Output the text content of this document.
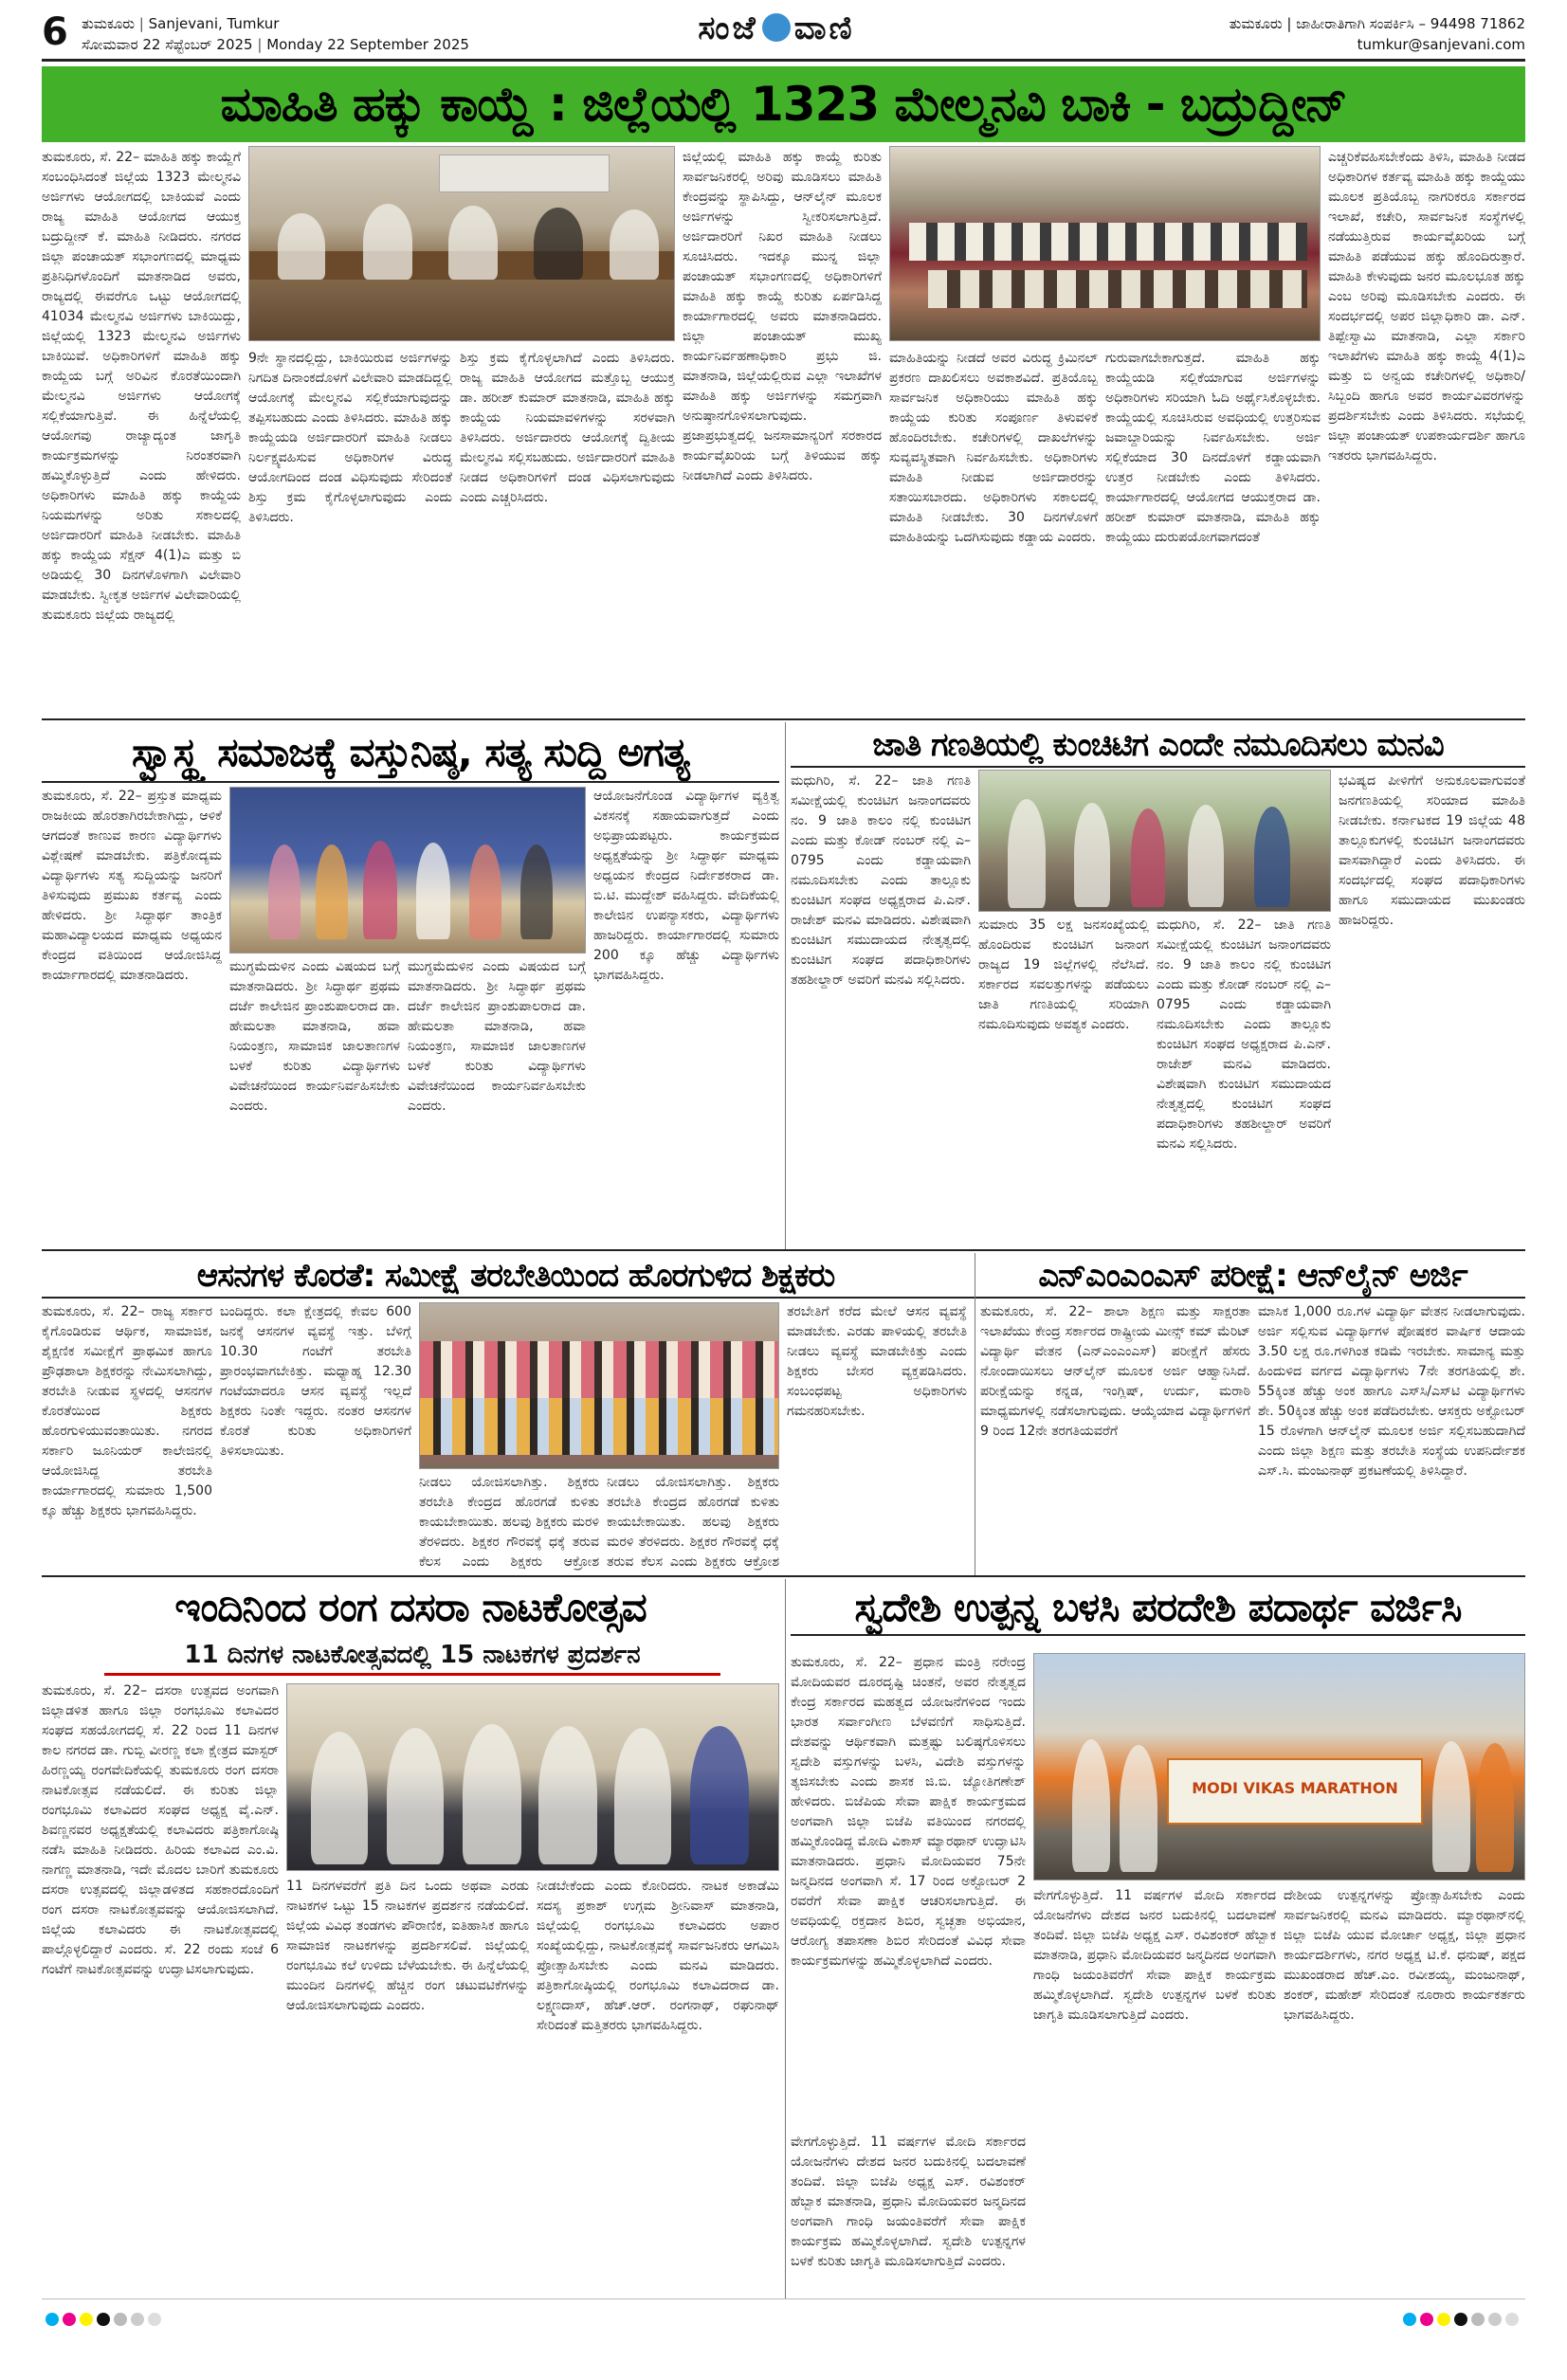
6 ತುಮಕೂರು | Sanjevani, Tumkur
ಸೋಮವಾರ 22 ಸೆಪ್ಟೆಂಬರ್ 2025 | Monday 22 September 2025	ಸಂಜೆ ವಾಣಿ	ತುಮಕೂರು | ಜಾಹೀರಾತಿಗಾಗಿ ಸಂಪರ್ಕಿಸಿ – 94498 71862
tumkur@sanjevani.com
ಮಾಹಿತಿ ಹಕ್ಕು ಕಾಯ್ದೆ : ಜಿಲ್ಲೆಯಲ್ಲಿ 1323 ಮೇಲ್ಮನವಿ ಬಾಕಿ - ಬದ್ರುದ್ದೀನ್
ತುಮಕೂರು, ಸೆ. 22– ಮಾಹಿತಿ ಹಕ್ಕು ಕಾಯ್ದೆಗೆ ಸಂಬಂಧಿಸಿದಂತೆ ಜಿಲ್ಲೆಯ 1323 ಮೇಲ್ಮನವಿ ಅರ್ಜಿಗಳು ಆಯೋಗದಲ್ಲಿ ಬಾಕಿಯವೆ ಎಂದು ರಾಜ್ಯ ಮಾಹಿತಿ ಆಯೋಗದ ಆಯುಕ್ತ ಬದ್ರುದ್ದೀನ್ ಕೆ. ಮಾಹಿತಿ ನೀಡಿದರು. ನಗರದ ಜಿಲ್ಲಾ ಪಂಚಾಯತ್ ಸಭಾಂಗಣದಲ್ಲಿ ಮಾಧ್ಯಮ ಪ್ರತಿನಿಧಿಗಳೊಂದಿಗೆ ಮಾತನಾಡಿದ ಅವರು, ರಾಜ್ಯದಲ್ಲಿ ಈವರೆಗೂ ಒಟ್ಟು ಆಯೋಗದಲ್ಲಿ 41034 ಮೇಲ್ಮನವಿ ಅರ್ಜಿಗಳು ಬಾಕಿಯಿದ್ದು, ಜಿಲ್ಲೆಯಲ್ಲಿ 1323 ಮೇಲ್ಮನವಿ ಅರ್ಜಿಗಳು ಬಾಕಿಯಿವೆ. ಅಧಿಕಾರಿಗಳಿಗೆ ಮಾಹಿತಿ ಹಕ್ಕು ಕಾಯ್ದೆಯ ಬಗ್ಗೆ ಅರಿವಿನ ಕೊರತೆಯಿಂದಾಗಿ ಮೇಲ್ಮನವಿ ಅರ್ಜಿಗಳು ಆಯೋಗಕ್ಕೆ ಸಲ್ಲಿಕೆಯಾಗುತ್ತಿವೆ. ಈ ಹಿನ್ನೆಲೆಯಲ್ಲಿ ಆಯೋಗವು ರಾಜ್ಯಾದ್ಯಂತ ಜಾಗೃತಿ ಕಾರ್ಯಕ್ರಮಗಳನ್ನು ನಿರಂತರವಾಗಿ ಹಮ್ಮಿಕೊಳ್ಳುತ್ತಿದೆ ಎಂದು ಹೇಳಿದರು. ಅಧಿಕಾರಿಗಳು ಮಾಹಿತಿ ಹಕ್ಕು ಕಾಯ್ದೆಯ ನಿಯಮಗಳನ್ನು ಅರಿತು ಸಕಾಲದಲ್ಲಿ ಅರ್ಜಿದಾರರಿಗೆ ಮಾಹಿತಿ ನೀಡಬೇಕು. ಮಾಹಿತಿ ಹಕ್ಕು ಕಾಯ್ದೆಯ ಸೆಕ್ಷನ್ 4(1)ಎ ಮತ್ತು ಬಿ ಅಡಿಯಲ್ಲಿ 30 ದಿನಗಳೊಳಗಾಗಿ ವಿಲೇವಾರಿ ಮಾಡಬೇಕು. ಸ್ವೀಕೃತ ಅರ್ಜಿಗಳ ವಿಲೇವಾರಿಯಲ್ಲಿ ತುಮಕೂರು ಜಿಲ್ಲೆಯ ರಾಜ್ಯದಲ್ಲಿ
9ನೇ ಸ್ಥಾನದಲ್ಲಿದ್ದು, ಬಾಕಿಯಿರುವ ಅರ್ಜಿಗಳನ್ನು ನಿಗದಿತ ದಿನಾಂಕದೊಳಗೆ ವಿಲೇವಾರಿ ಮಾಡದಿದ್ದಲ್ಲಿ ಆಯೋಗಕ್ಕೆ ಮೇಲ್ಮನವಿ ಸಲ್ಲಿಕೆಯಾಗುವುದನ್ನು ತಪ್ಪಿಸಬಹುದು ಎಂದು ತಿಳಿಸಿದರು. ಮಾಹಿತಿ ಹಕ್ಕು ಕಾಯ್ದೆಯಡಿ ಅರ್ಜಿದಾರರಿಗೆ ಮಾಹಿತಿ ನೀಡಲು ನಿರ್ಲಕ್ಷ್ಯವಹಿಸುವ ಅಧಿಕಾರಿಗಳ ವಿರುದ್ಧ ಆಯೋಗದಿಂದ ದಂಡ ವಿಧಿಸುವುದು ಸೇರಿದಂತೆ ಶಿಸ್ತು ಕ್ರಮ ಕೈಗೊಳ್ಳಲಾಗುವುದು ಎಂದು ತಿಳಿಸಿದರು.
ಶಿಸ್ತು ಕ್ರಮ ಕೈಗೊಳ್ಳಲಾಗಿದೆ ಎಂದು ತಿಳಿಸಿದರು. ರಾಜ್ಯ ಮಾಹಿತಿ ಆಯೋಗದ ಮತ್ತೊಬ್ಬ ಆಯುಕ್ತ ಡಾ. ಹರೀಶ್ ಕುಮಾರ್ ಮಾತನಾಡಿ, ಮಾಹಿತಿ ಹಕ್ಕು ಕಾಯ್ದೆಯ ನಿಯಮಾವಳಿಗಳನ್ನು ಸರಳವಾಗಿ ತಿಳಿಸಿದರು. ಅರ್ಜಿದಾರರು ಆಯೋಗಕ್ಕೆ ದ್ವಿತೀಯ ಮೇಲ್ಮನವಿ ಸಲ್ಲಿಸಬಹುದು. ಅರ್ಜಿದಾರರಿಗೆ ಮಾಹಿತಿ ನೀಡದ ಅಧಿಕಾರಿಗಳಿಗೆ ದಂಡ ವಿಧಿಸಲಾಗುವುದು ಎಂದು ಎಚ್ಚರಿಸಿದರು.
ಜಿಲ್ಲೆಯಲ್ಲಿ ಮಾಹಿತಿ ಹಕ್ಕು ಕಾಯ್ದೆ ಕುರಿತು ಸಾರ್ವಜನಿಕರಲ್ಲಿ ಅರಿವು ಮೂಡಿಸಲು ಮಾಹಿತಿ ಕೇಂದ್ರವನ್ನು ಸ್ಥಾಪಿಸಿದ್ದು, ಆನ್‌ಲೈನ್ ಮೂಲಕ ಅರ್ಜಿಗಳನ್ನು ಸ್ವೀಕರಿಸಲಾಗುತ್ತಿದೆ. ಅರ್ಜಿದಾರರಿಗೆ ನಿಖರ ಮಾಹಿತಿ ನೀಡಲು ಸೂಚಿಸಿದರು. ಇದಕ್ಕೂ ಮುನ್ನ ಜಿಲ್ಲಾ ಪಂಚಾಯತ್ ಸಭಾಂಗಣದಲ್ಲಿ ಅಧಿಕಾರಿಗಳಿಗೆ ಮಾಹಿತಿ ಹಕ್ಕು ಕಾಯ್ದೆ ಕುರಿತು ಏರ್ಪಡಿಸಿದ್ದ ಕಾರ್ಯಾಗಾರದಲ್ಲಿ ಅವರು ಮಾತನಾಡಿದರು. ಜಿಲ್ಲಾ ಪಂಚಾಯತ್ ಮುಖ್ಯ ಕಾರ್ಯನಿರ್ವಹಣಾಧಿಕಾರಿ ಪ್ರಭು ಜಿ. ಮಾತನಾಡಿ, ಜಿಲ್ಲೆಯಲ್ಲಿರುವ ಎಲ್ಲಾ ಇಲಾಖೆಗಳ ಮಾಹಿತಿ ಹಕ್ಕು ಅರ್ಜಿಗಳನ್ನು ಸಮಗ್ರವಾಗಿ ಅನುಷ್ಠಾನಗೊಳಿಸಲಾಗುವುದು. ಪ್ರಜಾಪ್ರಭುತ್ವದಲ್ಲಿ ಜನಸಾಮಾನ್ಯರಿಗೆ ಸರಕಾರದ ಕಾರ್ಯವೈಖರಿಯ ಬಗ್ಗೆ ತಿಳಿಯುವ ಹಕ್ಕು ನೀಡಲಾಗಿದೆ ಎಂದು ತಿಳಿಸಿದರು.
ಮಾಹಿತಿಯನ್ನು ನೀಡದೆ ಅವರ ವಿರುದ್ಧ ಕ್ರಿಮಿನಲ್ ಪ್ರಕರಣ ದಾಖಲಿಸಲು ಅವಕಾಶವಿದೆ. ಪ್ರತಿಯೊಬ್ಬ ಸಾರ್ವಜನಿಕ ಅಧಿಕಾರಿಯು ಮಾಹಿತಿ ಹಕ್ಕು ಕಾಯ್ದೆಯ ಕುರಿತು ಸಂಪೂರ್ಣ ತಿಳುವಳಿಕೆ ಹೊಂದಿರಬೇಕು. ಕಚೇರಿಗಳಲ್ಲಿ ದಾಖಲೆಗಳನ್ನು ಸುವ್ಯವಸ್ಥಿತವಾಗಿ ನಿರ್ವಹಿಸಬೇಕು. ಅಧಿಕಾರಿಗಳು ಮಾಹಿತಿ ನೀಡುವ ಅರ್ಜಿದಾರರನ್ನು ಸತಾಯಿಸಬಾರದು. ಅಧಿಕಾರಿಗಳು ಸಕಾಲದಲ್ಲಿ ಮಾಹಿತಿ ನೀಡಬೇಕು. 30 ದಿನಗಳೊಳಗೆ ಮಾಹಿತಿಯನ್ನು ಒದಗಿಸುವುದು ಕಡ್ಡಾಯ ಎಂದರು.
ಗುರುವಾಗಬೇಕಾಗುತ್ತದೆ. ಮಾಹಿತಿ ಹಕ್ಕು ಕಾಯ್ದೆಯಡಿ ಸಲ್ಲಿಕೆಯಾಗುವ ಅರ್ಜಿಗಳನ್ನು ಅಧಿಕಾರಿಗಳು ಸರಿಯಾಗಿ ಓದಿ ಅರ್ಥೈಸಿಕೊಳ್ಳಬೇಕು. ಕಾಯ್ದೆಯಲ್ಲಿ ಸೂಚಿಸಿರುವ ಅವಧಿಯಲ್ಲಿ ಉತ್ತರಿಸುವ ಜವಾಬ್ದಾರಿಯನ್ನು ನಿರ್ವಹಿಸಬೇಕು. ಅರ್ಜಿ ಸಲ್ಲಿಕೆಯಾದ 30 ದಿನದೊಳಗೆ ಕಡ್ಡಾಯವಾಗಿ ಉತ್ತರ ನೀಡಬೇಕು ಎಂದು ತಿಳಿಸಿದರು. ಕಾರ್ಯಾಗಾರದಲ್ಲಿ ಆಯೋಗದ ಆಯುಕ್ತರಾದ ಡಾ. ಹರೀಶ್ ಕುಮಾರ್ ಮಾತನಾಡಿ, ಮಾಹಿತಿ ಹಕ್ಕು ಕಾಯ್ದೆಯು ದುರುಪಯೋಗವಾಗದಂತೆ
ಎಚ್ಚರಿಕೆವಹಿಸಬೇಕೆಂದು ತಿಳಿಸಿ, ಮಾಹಿತಿ ನೀಡದ ಅಧಿಕಾರಿಗಳ ಕರ್ತವ್ಯ ಮಾಹಿತಿ ಹಕ್ಕು ಕಾಯ್ದೆಯು ಮೂಲಕ ಪ್ರತಿಯೊಬ್ಬ ನಾಗರಿಕರೂ ಸರ್ಕಾರದ ಇಲಾಖೆ, ಕಚೇರಿ, ಸಾರ್ವಜನಿಕ ಸಂಸ್ಥೆಗಳಲ್ಲಿ ನಡೆಯುತ್ತಿರುವ ಕಾರ್ಯವೈಖರಿಯ ಬಗ್ಗೆ ಮಾಹಿತಿ ಪಡೆಯುವ ಹಕ್ಕು ಹೊಂದಿರುತ್ತಾರೆ. ಮಾಹಿತಿ ಕೇಳುವುದು ಜನರ ಮೂಲಭೂತ ಹಕ್ಕು ಎಂಬ ಅರಿವು ಮೂಡಿಸಬೇಕು ಎಂದರು. ಈ ಸಂದರ್ಭದಲ್ಲಿ ಅಪರ ಜಿಲ್ಲಾಧಿಕಾರಿ ಡಾ. ಎನ್. ತಿಪ್ಪೇಸ್ವಾಮಿ ಮಾತನಾಡಿ, ಎಲ್ಲಾ ಸರ್ಕಾರಿ ಇಲಾಖೆಗಳು ಮಾಹಿತಿ ಹಕ್ಕು ಕಾಯ್ದೆ 4(1)ಎ ಮತ್ತು ಬಿ ಅನ್ವಯ ಕಚೇರಿಗಳಲ್ಲಿ ಅಧಿಕಾರಿ/ಸಿಬ್ಬಂದಿ ಹಾಗೂ ಅವರ ಕಾರ್ಯವಿವರಗಳನ್ನು ಪ್ರದರ್ಶಿಸಬೇಕು ಎಂದು ತಿಳಿಸಿದರು. ಸಭೆಯಲ್ಲಿ ಜಿಲ್ಲಾ ಪಂಚಾಯತ್ ಉಪಕಾರ್ಯದರ್ಶಿ ಹಾಗೂ ಇತರರು ಭಾಗವಹಿಸಿದ್ದರು.
ಸ್ವಾಸ್ಥ್ಯ ಸಮಾಜಕ್ಕೆ ವಸ್ತುನಿಷ್ಠ, ಸತ್ಯ ಸುದ್ದಿ ಅಗತ್ಯ
ತುಮಕೂರು, ಸೆ. 22– ಪ್ರಸ್ತುತ ಮಾಧ್ಯಮ ರಾಜಕೀಯ ಹೊರತಾಗಿರಬೇಕಾಗಿದ್ದು, ಆಳಿಕೆ ಆಗದಂತೆ ಕಾಣುವ ಕಾರಣ ವಿದ್ಯಾರ್ಥಿಗಳು ವಿಶ್ಲೇಷಣೆ ಮಾಡಬೇಕು. ಪತ್ರಿಕೋದ್ಯಮ ವಿದ್ಯಾರ್ಥಿಗಳು ಸತ್ಯ ಸುದ್ದಿಯನ್ನು ಜನರಿಗೆ ತಿಳಿಸುವುದು ಪ್ರಮುಖ ಕರ್ತವ್ಯ ಎಂದು ಹೇಳಿದರು. ಶ್ರೀ ಸಿದ್ಧಾರ್ಥ ತಾಂತ್ರಿಕ ಮಹಾವಿದ್ಯಾಲಯದ ಮಾಧ್ಯಮ ಅಧ್ಯಯನ ಕೇಂದ್ರದ ವತಿಯಿಂದ ಆಯೋಜಿಸಿದ್ದ ಕಾರ್ಯಾಗಾರದಲ್ಲಿ ಮಾತನಾಡಿದರು.
ಮುಗ್ಧಮೆದುಳಿನ ಎಂದು ವಿಷಯದ ಬಗ್ಗೆ ಮಾತನಾಡಿದರು. ಶ್ರೀ ಸಿದ್ಧಾರ್ಥ ಪ್ರಥಮ ದರ್ಜೆ ಕಾಲೇಜಿನ ಪ್ರಾಂಶುಪಾಲರಾದ ಡಾ. ಹೇಮಲತಾ ಮಾತನಾಡಿ, ಹವಾ ನಿಯಂತ್ರಣ, ಸಾಮಾಜಿಕ ಜಾಲತಾಣಗಳ ಬಳಕೆ ಕುರಿತು ವಿದ್ಯಾರ್ಥಿಗಳು ವಿವೇಚನೆಯಿಂದ ಕಾರ್ಯನಿರ್ವಹಿಸಬೇಕು ಎಂದರು.
ಮುಗ್ಧಮೆದುಳಿನ ಎಂದು ವಿಷಯದ ಬಗ್ಗೆ ಮಾತನಾಡಿದರು. ಶ್ರೀ ಸಿದ್ಧಾರ್ಥ ಪ್ರಥಮ ದರ್ಜೆ ಕಾಲೇಜಿನ ಪ್ರಾಂಶುಪಾಲರಾದ ಡಾ. ಹೇಮಲತಾ ಮಾತನಾಡಿ, ಹವಾ ನಿಯಂತ್ರಣ, ಸಾಮಾಜಿಕ ಜಾಲತಾಣಗಳ ಬಳಕೆ ಕುರಿತು ವಿದ್ಯಾರ್ಥಿಗಳು ವಿವೇಚನೆಯಿಂದ ಕಾರ್ಯನಿರ್ವಹಿಸಬೇಕು ಎಂದರು.
ಆಯೋಜನೆಗೊಂಡ ವಿದ್ಯಾರ್ಥಿಗಳ ವ್ಯಕ್ತಿತ್ವ ವಿಕಸನಕ್ಕೆ ಸಹಾಯವಾಗುತ್ತದೆ ಎಂದು ಅಭಿಪ್ರಾಯಪಟ್ಟರು. ಕಾರ್ಯಕ್ರಮದ ಅಧ್ಯಕ್ಷತೆಯನ್ನು ಶ್ರೀ ಸಿದ್ಧಾರ್ಥ ಮಾಧ್ಯಮ ಅಧ್ಯಯನ ಕೇಂದ್ರದ ನಿರ್ದೇಶಕರಾದ ಡಾ. ಬಿ.ಟಿ. ಮುದ್ದೇಶ್ ವಹಿಸಿದ್ದರು. ವೇದಿಕೆಯಲ್ಲಿ ಕಾಲೇಜಿನ ಉಪನ್ಯಾಸಕರು, ವಿದ್ಯಾರ್ಥಿಗಳು ಹಾಜರಿದ್ದರು. ಕಾರ್ಯಾಗಾರದಲ್ಲಿ ಸುಮಾರು 200 ಕ್ಕೂ ಹೆಚ್ಚು ವಿದ್ಯಾರ್ಥಿಗಳು ಭಾಗವಹಿಸಿದ್ದರು.
ಜಾತಿ ಗಣತಿಯಲ್ಲಿ ಕುಂಚಿಟಿಗ ಎಂದೇ ನಮೂದಿಸಲು ಮನವಿ
ಮಧುಗಿರಿ, ಸೆ. 22– ಜಾತಿ ಗಣತಿ ಸಮೀಕ್ಷೆಯಲ್ಲಿ ಕುಂಚಿಟಿಗ ಜನಾಂಗದವರು ನಂ. 9 ಜಾತಿ ಕಾಲಂ ನಲ್ಲಿ ಕುಂಚಿಟಿಗ ಎಂದು ಮತ್ತು ಕೋಡ್ ನಂಬರ್ ನಲ್ಲಿ ಎ–0795 ಎಂದು ಕಡ್ಡಾಯವಾಗಿ ನಮೂದಿಸಬೇಕು ಎಂದು ತಾಲ್ಲೂಕು ಕುಂಚಿಟಿಗ ಸಂಘದ ಅಧ್ಯಕ್ಷರಾದ ಪಿ.ಎನ್. ರಾಜೇಶ್ ಮನವಿ ಮಾಡಿದರು. ವಿಶೇಷವಾಗಿ ಕುಂಚಿಟಿಗ ಸಮುದಾಯದ ನೇತೃತ್ವದಲ್ಲಿ ಕುಂಚಿಟಿಗ ಸಂಘದ ಪದಾಧಿಕಾರಿಗಳು ತಹಶೀಲ್ದಾರ್ ಅವರಿಗೆ ಮನವಿ ಸಲ್ಲಿಸಿದರು.
ಸುಮಾರು 35 ಲಕ್ಷ ಜನಸಂಖ್ಯೆಯಲ್ಲಿ ಹೊಂದಿರುವ ಕುಂಚಿಟಿಗ ಜನಾಂಗ ರಾಜ್ಯದ 19 ಜಿಲ್ಲೆಗಳಲ್ಲಿ ನೆಲೆಸಿದೆ. ಸರ್ಕಾರದ ಸವಲತ್ತುಗಳನ್ನು ಪಡೆಯಲು ಜಾತಿ ಗಣತಿಯಲ್ಲಿ ಸರಿಯಾಗಿ ನಮೂದಿಸುವುದು ಅವಶ್ಯಕ ಎಂದರು.
ಮಧುಗಿರಿ, ಸೆ. 22– ಜಾತಿ ಗಣತಿ ಸಮೀಕ್ಷೆಯಲ್ಲಿ ಕುಂಚಿಟಿಗ ಜನಾಂಗದವರು ನಂ. 9 ಜಾತಿ ಕಾಲಂ ನಲ್ಲಿ ಕುಂಚಿಟಿಗ ಎಂದು ಮತ್ತು ಕೋಡ್ ನಂಬರ್ ನಲ್ಲಿ ಎ–0795 ಎಂದು ಕಡ್ಡಾಯವಾಗಿ ನಮೂದಿಸಬೇಕು ಎಂದು ತಾಲ್ಲೂಕು ಕುಂಚಿಟಿಗ ಸಂಘದ ಅಧ್ಯಕ್ಷರಾದ ಪಿ.ಎನ್. ರಾಜೇಶ್ ಮನವಿ ಮಾಡಿದರು. ವಿಶೇಷವಾಗಿ ಕುಂಚಿಟಿಗ ಸಮುದಾಯದ ನೇತೃತ್ವದಲ್ಲಿ ಕುಂಚಿಟಿಗ ಸಂಘದ ಪದಾಧಿಕಾರಿಗಳು ತಹಶೀಲ್ದಾರ್ ಅವರಿಗೆ ಮನವಿ ಸಲ್ಲಿಸಿದರು.
ಭವಿಷ್ಯದ ಪೀಳಿಗೆಗೆ ಅನುಕೂಲವಾಗುವಂತೆ ಜನಗಣತಿಯಲ್ಲಿ ಸರಿಯಾದ ಮಾಹಿತಿ ನೀಡಬೇಕು. ಕರ್ನಾಟಕದ 19 ಜಿಲ್ಲೆಯ 48 ತಾಲ್ಲೂಕುಗಳಲ್ಲಿ ಕುಂಚಿಟಿಗ ಜನಾಂಗದವರು ವಾಸವಾಗಿದ್ದಾರೆ ಎಂದು ತಿಳಿಸಿದರು. ಈ ಸಂದರ್ಭದಲ್ಲಿ ಸಂಘದ ಪದಾಧಿಕಾರಿಗಳು ಹಾಗೂ ಸಮುದಾಯದ ಮುಖಂಡರು ಹಾಜರಿದ್ದರು.
ಆಸನಗಳ ಕೊರತೆ: ಸಮೀಕ್ಷೆ ತರಬೇತಿಯಿಂದ ಹೊರಗುಳಿದ ಶಿಕ್ಷಕರು
ತುಮಕೂರು, ಸೆ. 22– ರಾಜ್ಯ ಸರ್ಕಾರ ಕೈಗೊಂಡಿರುವ ಆರ್ಥಿಕ, ಸಾಮಾಜಿಕ, ಶೈಕ್ಷಣಿಕ ಸಮೀಕ್ಷೆಗೆ ಪ್ರಾಥಮಿಕ ಹಾಗೂ ಪ್ರೌಢಶಾಲಾ ಶಿಕ್ಷಕರನ್ನು ನೇಮಿಸಲಾಗಿದ್ದು, ತರಬೇತಿ ನೀಡುವ ಸ್ಥಳದಲ್ಲಿ ಆಸನಗಳ ಕೊರತೆಯಿಂದ ಶಿಕ್ಷಕರು ಹೊರಗುಳಿಯುವಂತಾಯಿತು. ನಗರದ ಸರ್ಕಾರಿ ಜೂನಿಯರ್ ಕಾಲೇಜಿನಲ್ಲಿ ಆಯೋಜಿಸಿದ್ದ ತರಬೇತಿ ಕಾರ್ಯಾಗಾರದಲ್ಲಿ ಸುಮಾರು 1,500 ಕ್ಕೂ ಹೆಚ್ಚು ಶಿಕ್ಷಕರು ಭಾಗವಹಿಸಿದ್ದರು.
ಬಂದಿದ್ದರು. ಕಲಾ ಕ್ಷೇತ್ರದಲ್ಲಿ ಕೇವಲ 600 ಜನಕ್ಕೆ ಆಸನಗಳ ವ್ಯವಸ್ಥೆ ಇತ್ತು. ಬೆಳಿಗ್ಗೆ 10.30 ಗಂಟೆಗೆ ತರಬೇತಿ ಪ್ರಾರಂಭವಾಗಬೇಕಿತ್ತು. ಮಧ್ಯಾಹ್ನ 12.30 ಗಂಟೆಯಾದರೂ ಆಸನ ವ್ಯವಸ್ಥೆ ಇಲ್ಲದೆ ಶಿಕ್ಷಕರು ನಿಂತೇ ಇದ್ದರು. ನಂತರ ಆಸನಗಳ ಕೊರತೆ ಕುರಿತು ಅಧಿಕಾರಿಗಳಿಗೆ ತಿಳಿಸಲಾಯಿತು.
ನೀಡಲು ಯೋಜಿಸಲಾಗಿತ್ತು. ಶಿಕ್ಷಕರು ತರಬೇತಿ ಕೇಂದ್ರದ ಹೊರಗಡೆ ಕುಳಿತು ಕಾಯಬೇಕಾಯಿತು. ಹಲವು ಶಿಕ್ಷಕರು ಮರಳಿ ತೆರಳಿದರು. ಶಿಕ್ಷಕರ ಗೌರವಕ್ಕೆ ಧಕ್ಕೆ ತರುವ ಕೆಲಸ ಎಂದು ಶಿಕ್ಷಕರು ಆಕ್ರೋಶ
ನೀಡಲು ಯೋಜಿಸಲಾಗಿತ್ತು. ಶಿಕ್ಷಕರು ತರಬೇತಿ ಕೇಂದ್ರದ ಹೊರಗಡೆ ಕುಳಿತು ಕಾಯಬೇಕಾಯಿತು. ಹಲವು ಶಿಕ್ಷಕರು ಮರಳಿ ತೆರಳಿದರು. ಶಿಕ್ಷಕರ ಗೌರವಕ್ಕೆ ಧಕ್ಕೆ ತರುವ ಕೆಲಸ ಎಂದು ಶಿಕ್ಷಕರು ಆಕ್ರೋಶ
ತರಬೇತಿಗೆ ಕರೆದ ಮೇಲೆ ಆಸನ ವ್ಯವಸ್ಥೆ ಮಾಡಬೇಕು. ಎರಡು ಪಾಳಿಯಲ್ಲಿ ತರಬೇತಿ ನೀಡಲು ವ್ಯವಸ್ಥೆ ಮಾಡಬೇಕಿತ್ತು ಎಂದು ಶಿಕ್ಷಕರು ಬೇಸರ ವ್ಯಕ್ತಪಡಿಸಿದರು. ಸಂಬಂಧಪಟ್ಟ ಅಧಿಕಾರಿಗಳು ಗಮನಹರಿಸಬೇಕು.
ಎನ್‌ಎಂಎಂಎಸ್ ಪರೀಕ್ಷೆ: ಆನ್‌ಲೈನ್ ಅರ್ಜಿ
ತುಮಕೂರು, ಸೆ. 22– ಶಾಲಾ ಶಿಕ್ಷಣ ಮತ್ತು ಸಾಕ್ಷರತಾ ಇಲಾಖೆಯು ಕೇಂದ್ರ ಸರ್ಕಾರದ ರಾಷ್ಟ್ರೀಯ ಮೀನ್ಸ್ ಕಮ್ ಮೆರಿಟ್ ವಿದ್ಯಾರ್ಥಿ ವೇತನ (ಎನ್‌ಎಂಎಂಎಸ್) ಪರೀಕ್ಷೆಗೆ ಹೆಸರು ನೋಂದಾಯಿಸಲು ಆನ್‌ಲೈನ್ ಮೂಲಕ ಅರ್ಜಿ ಆಹ್ವಾನಿಸಿದೆ. ಪರೀಕ್ಷೆಯನ್ನು ಕನ್ನಡ, ಇಂಗ್ಲಿಷ್, ಉರ್ದು, ಮರಾಠಿ ಮಾಧ್ಯಮಗಳಲ್ಲಿ ನಡೆಸಲಾಗುವುದು. ಆಯ್ಕೆಯಾದ ವಿದ್ಯಾರ್ಥಿಗಳಿಗೆ 9 ರಿಂದ 12ನೇ ತರಗತಿಯವರೆಗೆ
ಮಾಸಿಕ 1,000 ರೂ.ಗಳ ವಿದ್ಯಾರ್ಥಿ ವೇತನ ನೀಡಲಾಗುವುದು. ಅರ್ಜಿ ಸಲ್ಲಿಸುವ ವಿದ್ಯಾರ್ಥಿಗಳ ಪೋಷಕರ ವಾರ್ಷಿಕ ಆದಾಯ 3.50 ಲಕ್ಷ ರೂ.ಗಳಿಗಿಂತ ಕಡಿಮೆ ಇರಬೇಕು. ಸಾಮಾನ್ಯ ಮತ್ತು ಹಿಂದುಳಿದ ವರ್ಗದ ವಿದ್ಯಾರ್ಥಿಗಳು 7ನೇ ತರಗತಿಯಲ್ಲಿ ಶೇ. 55ಕ್ಕಿಂತ ಹೆಚ್ಚು ಅಂಕ ಹಾಗೂ ಎಸ್‌ಸಿ/ಎಸ್‌ಟಿ ವಿದ್ಯಾರ್ಥಿಗಳು ಶೇ. 50ಕ್ಕಿಂತ ಹೆಚ್ಚು ಅಂಕ ಪಡೆದಿರಬೇಕು. ಆಸಕ್ತರು ಅಕ್ಟೋಬರ್ 15 ರೊಳಗಾಗಿ ಆನ್‌ಲೈನ್ ಮೂಲಕ ಅರ್ಜಿ ಸಲ್ಲಿಸಬಹುದಾಗಿದೆ ಎಂದು ಜಿಲ್ಲಾ ಶಿಕ್ಷಣ ಮತ್ತು ತರಬೇತಿ ಸಂಸ್ಥೆಯ ಉಪನಿರ್ದೇಶಕ ಎಸ್.ಸಿ. ಮಂಜುನಾಥ್ ಪ್ರಕಟಣೆಯಲ್ಲಿ ತಿಳಿಸಿದ್ದಾರೆ.
ಇಂದಿನಿಂದ ರಂಗ ದಸರಾ ನಾಟಕೋತ್ಸವ
11 ದಿನಗಳ ನಾಟಕೋತ್ಸವದಲ್ಲಿ 15 ನಾಟಕಗಳ ಪ್ರದರ್ಶನ
ತುಮಕೂರು, ಸೆ. 22– ದಸರಾ ಉತ್ಸವದ ಅಂಗವಾಗಿ ಜಿಲ್ಲಾಡಳಿತ ಹಾಗೂ ಜಿಲ್ಲಾ ರಂಗಭೂಮಿ ಕಲಾವಿದರ ಸಂಘದ ಸಹಯೋಗದಲ್ಲಿ ಸೆ. 22 ರಿಂದ 11 ದಿನಗಳ ಕಾಲ ನಗರದ ಡಾ. ಗುಬ್ಬಿ ವೀರಣ್ಣ ಕಲಾ ಕ್ಷೇತ್ರದ ಮಾಸ್ಟರ್ ಹಿರಣ್ಣಯ್ಯ ರಂಗವೇದಿಕೆಯಲ್ಲಿ ತುಮಕೂರು ರಂಗ ದಸರಾ ನಾಟಕೋತ್ಸವ ನಡೆಯಲಿದೆ. ಈ ಕುರಿತು ಜಿಲ್ಲಾ ರಂಗಭೂಮಿ ಕಲಾವಿದರ ಸಂಘದ ಅಧ್ಯಕ್ಷ ವೈ.ಎನ್. ಶಿವಣ್ಣನವರ ಅಧ್ಯಕ್ಷತೆಯಲ್ಲಿ ಕಲಾವಿದರು ಪತ್ರಿಕಾಗೋಷ್ಠಿ ನಡೆಸಿ ಮಾಹಿತಿ ನೀಡಿದರು. ಹಿರಿಯ ಕಲಾವಿದ ಎಂ.ವಿ. ನಾಗಣ್ಣ ಮಾತನಾಡಿ, ಇದೇ ಮೊದಲ ಬಾರಿಗೆ ತುಮಕೂರು ದಸರಾ ಉತ್ಸವದಲ್ಲಿ ಜಿಲ್ಲಾಡಳಿತದ ಸಹಕಾರದೊಂದಿಗೆ ರಂಗ ದಸರಾ ನಾಟಕೋತ್ಸವವನ್ನು ಆಯೋಜಿಸಲಾಗಿದೆ. ಜಿಲ್ಲೆಯ ಕಲಾವಿದರು ಈ ನಾಟಕೋತ್ಸವದಲ್ಲಿ ಪಾಲ್ಗೊಳ್ಳಲಿದ್ದಾರೆ ಎಂದರು. ಸೆ. 22 ರಂದು ಸಂಜೆ 6 ಗಂಟೆಗೆ ನಾಟಕೋತ್ಸವವನ್ನು ಉದ್ಘಾಟಿಸಲಾಗುವುದು.
11 ದಿನಗಳವರೆಗೆ ಪ್ರತಿ ದಿನ ಒಂದು ಅಥವಾ ಎರಡು ನಾಟಕಗಳ ಒಟ್ಟು 15 ನಾಟಕಗಳ ಪ್ರದರ್ಶನ ನಡೆಯಲಿದೆ. ಜಿಲ್ಲೆಯ ವಿವಿಧ ತಂಡಗಳು ಪೌರಾಣಿಕ, ಐತಿಹಾಸಿಕ ಹಾಗೂ ಸಾಮಾಜಿಕ ನಾಟಕಗಳನ್ನು ಪ್ರದರ್ಶಿಸಲಿವೆ. ಜಿಲ್ಲೆಯಲ್ಲಿ ರಂಗಭೂಮಿ ಕಲೆ ಉಳಿದು ಬೆಳೆಯಬೇಕು. ಈ ಹಿನ್ನೆಲೆಯಲ್ಲಿ ಮುಂದಿನ ದಿನಗಳಲ್ಲಿ ಹೆಚ್ಚಿನ ರಂಗ ಚಟುವಟಿಕೆಗಳನ್ನು ಆಯೋಜಿಸಲಾಗುವುದು ಎಂದರು.
ನೀಡಬೇಕೆಂದು ಎಂದು ಕೋರಿದರು. ನಾಟಕ ಅಕಾಡೆಮಿ ಸದಸ್ಯ ಪ್ರಕಾಶ್ ಉಗ್ಗಮ ಶ್ರೀನಿವಾಸ್ ಮಾತನಾಡಿ, ಜಿಲ್ಲೆಯಲ್ಲಿ ರಂಗಭೂಮಿ ಕಲಾವಿದರು ಅಪಾರ ಸಂಖ್ಯೆಯಲ್ಲಿದ್ದು, ನಾಟಕೋತ್ಸವಕ್ಕೆ ಸಾರ್ವಜನಿಕರು ಆಗಮಿಸಿ ಪ್ರೋತ್ಸಾಹಿಸಬೇಕು ಎಂದು ಮನವಿ ಮಾಡಿದರು. ಪತ್ರಿಕಾಗೋಷ್ಠಿಯಲ್ಲಿ ರಂಗಭೂಮಿ ಕಲಾವಿದರಾದ ಡಾ. ಲಕ್ಷ್ಮಣದಾಸ್, ಹೆಚ್.ಆರ್. ರಂಗನಾಥ್, ರಘುನಾಥ್ ಸೇರಿದಂತೆ ಮತ್ತಿತರರು ಭಾಗವಹಿಸಿದ್ದರು.
ಸ್ವದೇಶಿ ಉತ್ಪನ್ನ ಬಳಸಿ ಪರದೇಶಿ ಪದಾರ್ಥ ವರ್ಜಿಸಿ
ತುಮಕೂರು, ಸೆ. 22– ಪ್ರಧಾನ ಮಂತ್ರಿ ನರೇಂದ್ರ ಮೋದಿಯವರ ದೂರದೃಷ್ಟಿ ಚಿಂತನೆ, ಅವರ ನೇತೃತ್ವದ ಕೇಂದ್ರ ಸರ್ಕಾರದ ಮಹತ್ವದ ಯೋಜನೆಗಳಿಂದ ಇಂದು ಭಾರತ ಸರ್ವಾಂಗೀಣ ಬೆಳವಣಿಗೆ ಸಾಧಿಸುತ್ತಿದೆ. ದೇಶವನ್ನು ಆರ್ಥಿಕವಾಗಿ ಮತ್ತಷ್ಟು ಬಲಿಷ್ಠಗೊಳಿಸಲು ಸ್ವದೇಶಿ ವಸ್ತುಗಳನ್ನು ಬಳಸಿ, ವಿದೇಶಿ ವಸ್ತುಗಳನ್ನು ತ್ಯಜಿಸಬೇಕು ಎಂದು ಶಾಸಕ ಜಿ.ಬಿ. ಜ್ಯೋತಿಗಣೇಶ್ ಹೇಳಿದರು. ಬಿಜೆಪಿಯ ಸೇವಾ ಪಾಕ್ಷಿಕ ಕಾರ್ಯಕ್ರಮದ ಅಂಗವಾಗಿ ಜಿಲ್ಲಾ ಬಿಜೆಪಿ ವತಿಯಿಂದ ನಗರದಲ್ಲಿ ಹಮ್ಮಿಕೊಂಡಿದ್ದ ಮೋದಿ ವಿಕಾಸ್ ಮ್ಯಾರಥಾನ್ ಉದ್ಘಾಟಿಸಿ ಮಾತನಾಡಿದರು. ಪ್ರಧಾನಿ ಮೋದಿಯವರ 75ನೇ ಜನ್ಮದಿನದ ಅಂಗವಾಗಿ ಸೆ. 17 ರಿಂದ ಅಕ್ಟೋಬರ್ 2 ರವರೆಗೆ ಸೇವಾ ಪಾಕ್ಷಿಕ ಆಚರಿಸಲಾಗುತ್ತಿದೆ. ಈ ಅವಧಿಯಲ್ಲಿ ರಕ್ತದಾನ ಶಿಬಿರ, ಸ್ವಚ್ಛತಾ ಅಭಿಯಾನ, ಆರೋಗ್ಯ ತಪಾಸಣಾ ಶಿಬಿರ ಸೇರಿದಂತೆ ವಿವಿಧ ಸೇವಾ ಕಾರ್ಯಕ್ರಮಗಳನ್ನು ಹಮ್ಮಿಕೊಳ್ಳಲಾಗಿದೆ ಎಂದರು.
MODI VIKAS MARATHON
ವೇಗಗೊಳ್ಳುತ್ತಿದೆ. 11 ವರ್ಷಗಳ ಮೋದಿ ಸರ್ಕಾರದ ಯೋಜನೆಗಳು ದೇಶದ ಜನರ ಬದುಕಿನಲ್ಲಿ ಬದಲಾವಣೆ ತಂದಿವೆ. ಜಿಲ್ಲಾ ಬಿಜೆಪಿ ಅಧ್ಯಕ್ಷ ಎಸ್. ರವಿಶಂಕರ್ ಹೆಬ್ಬಾಕ ಮಾತನಾಡಿ, ಪ್ರಧಾನಿ ಮೋದಿಯವರ ಜನ್ಮದಿನದ ಅಂಗವಾಗಿ ಗಾಂಧಿ ಜಯಂತಿವರೆಗೆ ಸೇವಾ ಪಾಕ್ಷಿಕ ಕಾರ್ಯಕ್ರಮ ಹಮ್ಮಿಕೊಳ್ಳಲಾಗಿದೆ. ಸ್ವದೇಶಿ ಉತ್ಪನ್ನಗಳ ಬಳಕೆ ಕುರಿತು ಜಾಗೃತಿ ಮೂಡಿಸಲಾಗುತ್ತಿದೆ ಎಂದರು.
ದೇಶೀಯ ಉತ್ಪನ್ನಗಳನ್ನು ಪ್ರೋತ್ಸಾಹಿಸಬೇಕು ಎಂದು ಸಾರ್ವಜನಿಕರಲ್ಲಿ ಮನವಿ ಮಾಡಿದರು. ಮ್ಯಾರಥಾನ್‌ನಲ್ಲಿ ಜಿಲ್ಲಾ ಬಿಜೆಪಿ ಯುವ ಮೋರ್ಚಾ ಅಧ್ಯಕ್ಷ, ಜಿಲ್ಲಾ ಪ್ರಧಾನ ಕಾರ್ಯದರ್ಶಿಗಳು, ನಗರ ಅಧ್ಯಕ್ಷ ಟಿ.ಕೆ. ಧನುಷ್, ಪಕ್ಷದ ಮುಖಂಡರಾದ ಹೆಚ್.ಎಂ. ರವೀಶಯ್ಯ, ಮಂಜುನಾಥ್, ಶಂಕರ್, ಮಹೇಶ್ ಸೇರಿದಂತೆ ನೂರಾರು ಕಾರ್ಯಕರ್ತರು ಭಾಗವಹಿಸಿದ್ದರು.
ವೇಗಗೊಳ್ಳುತ್ತಿದೆ. 11 ವರ್ಷಗಳ ಮೋದಿ ಸರ್ಕಾರದ ಯೋಜನೆಗಳು ದೇಶದ ಜನರ ಬದುಕಿನಲ್ಲಿ ಬದಲಾವಣೆ ತಂದಿವೆ. ಜಿಲ್ಲಾ ಬಿಜೆಪಿ ಅಧ್ಯಕ್ಷ ಎಸ್. ರವಿಶಂಕರ್ ಹೆಬ್ಬಾಕ ಮಾತನಾಡಿ, ಪ್ರಧಾನಿ ಮೋದಿಯವರ ಜನ್ಮದಿನದ ಅಂಗವಾಗಿ ಗಾಂಧಿ ಜಯಂತಿವರೆಗೆ ಸೇವಾ ಪಾಕ್ಷಿಕ ಕಾರ್ಯಕ್ರಮ ಹಮ್ಮಿಕೊಳ್ಳಲಾಗಿದೆ. ಸ್ವದೇಶಿ ಉತ್ಪನ್ನಗಳ ಬಳಕೆ ಕುರಿತು ಜಾಗೃತಿ ಮೂಡಿಸಲಾಗುತ್ತಿದೆ ಎಂದರು.
